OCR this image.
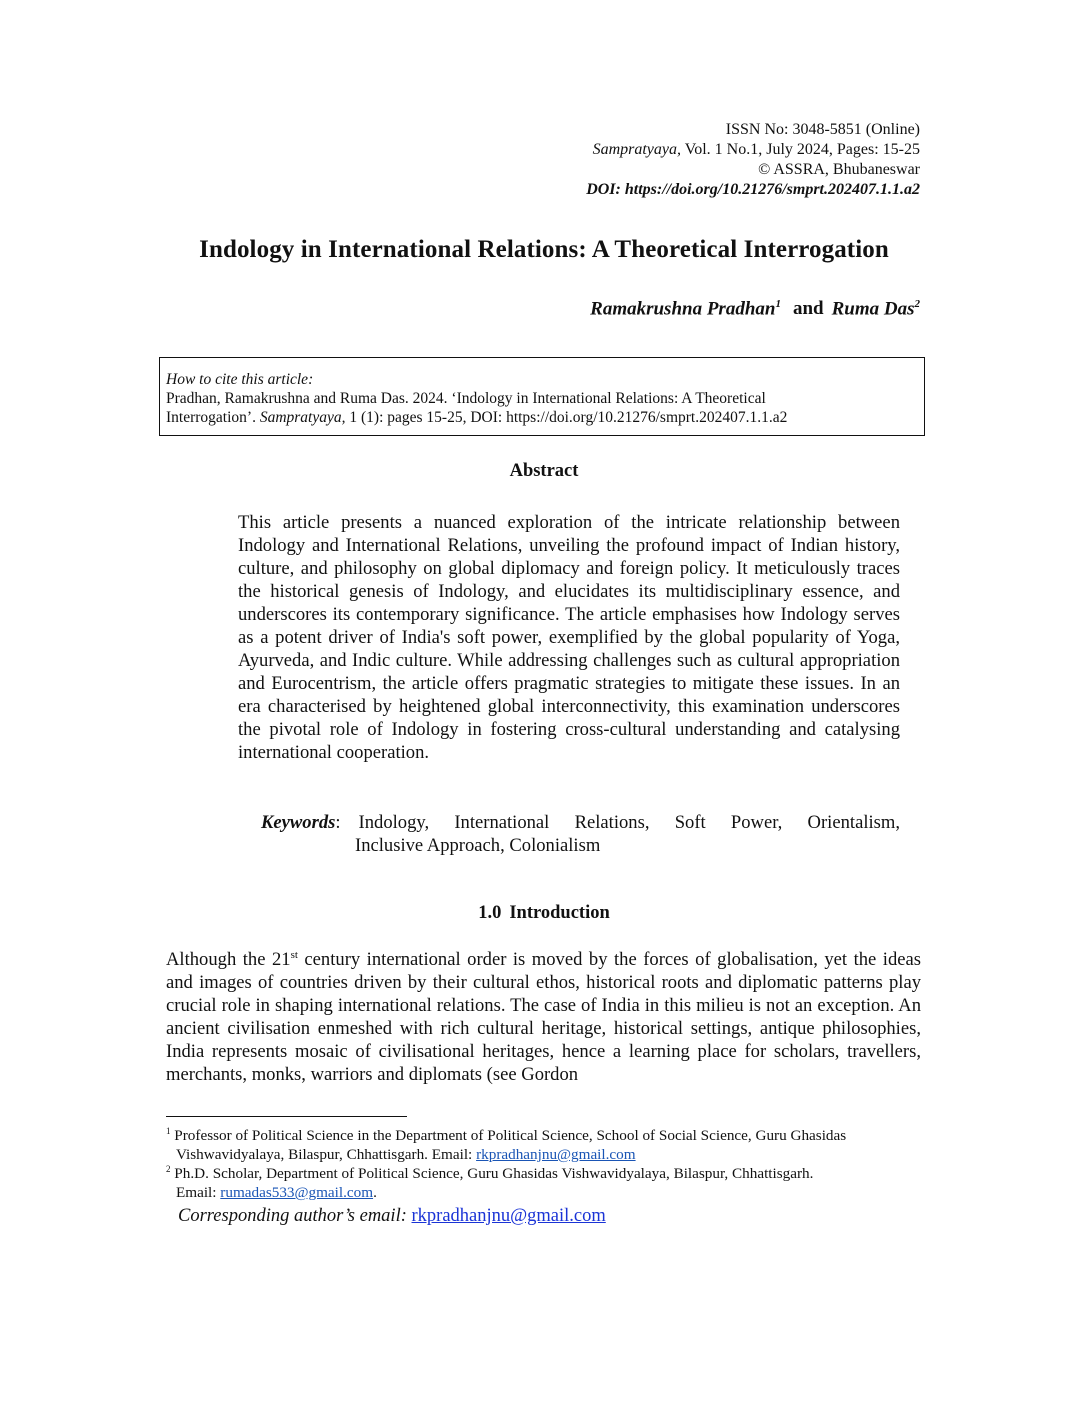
ISSN No: 3048-5851 (Online)
Sampratyaya, Vol. 1 No.1, July 2024, Pages: 15-25
© ASSRA, Bhubaneswar
DOI: https://doi.org/10.21276/smprt.202407.1.1.a2
Indology in International Relations: A Theoretical Interrogation
Ramakrushna Pradhan$^1$ and Ruma Das$^2$
How to cite this article:
Pradhan, Ramakrushna and Ruma Das. 2024. ‘Indology in International Relations: A Theoretical
Interrogation’. Sampratyaya, 1 (1): pages 15-25, DOI: https://doi.org/10.21276/smprt.202407.1.1.a2
Abstract
This article presents a nuanced exploration of the intricate relationship between Indology and International Relations, unveiling the profound impact of Indian history, culture, and philosophy on global diplomacy and foreign policy. It meticulously traces the historical genesis of Indology, and elucidates its multidisciplinary essence, and underscores its contemporary significance. The article emphasises how Indology serves as a potent driver of India's soft power, exemplified by the global popularity of Yoga, Ayurveda, and Indic culture. While addressing challenges such as cultural appropriation and Eurocentrism, the article offers pragmatic strategies to mitigate these issues. In an era characterised by heightened global interconnectivity, this examination underscores the pivotal role of Indology in fostering cross-cultural understanding and catalysing international cooperation.
Keywords: Indology, International Relations, Soft Power, Orientalism,
Inclusive Approach, Colonialism
1.0 Introduction
Although the 21st century international order is moved by the forces of globalisation, yet the ideas and images of countries driven by their cultural ethos, historical roots and diplomatic patterns play crucial role in shaping international relations. The case of India in this milieu is not an exception. An ancient civilisation enmeshed with rich cultural heritage, historical settings, antique philosophies, India represents mosaic of civilisational heritages, hence a learning place for scholars, travellers, merchants, monks, warriors and diplomats (see Gordon
$^1$ Professor of Political Science in the Department of Political Science, School of Social Science, Guru Ghasidas
Vishwavidyalaya, Bilaspur, Chhattisgarh. Email: rkpradhanjnu@gmail.com
$^2$ Ph.D. Scholar, Department of Political Science, Guru Ghasidas Vishwavidyalaya, Bilaspur, Chhattisgarh.
Email: rumadas533@gmail.com.
Corresponding author’s email: rkpradhanjnu@gmail.com
